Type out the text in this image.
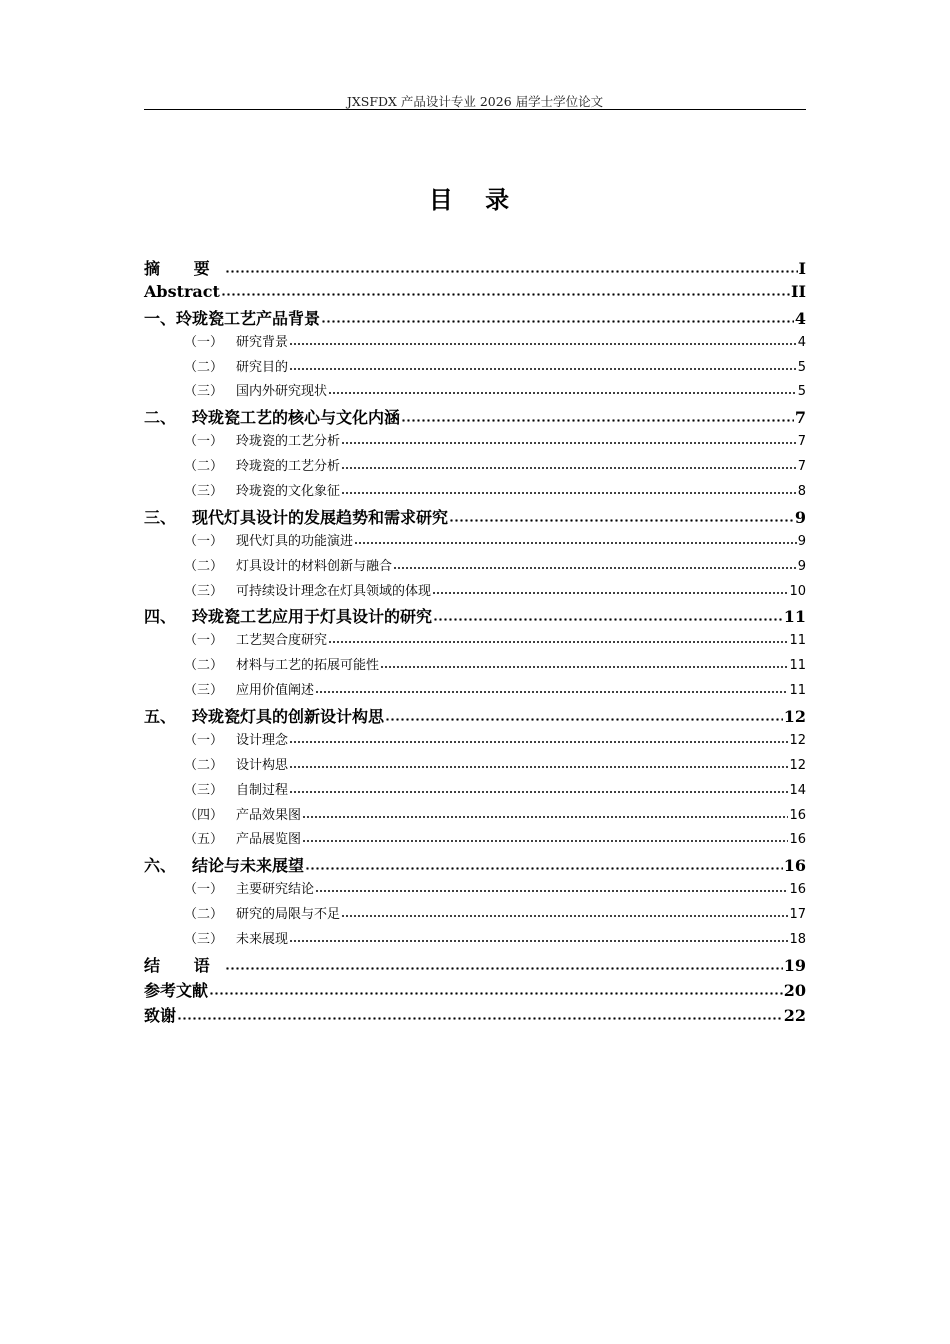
JXSFDX 产品设计专业 2026 届学士学位论文
目 录
摘 要	I
Abstract	II
一、 玲珑瓷工艺产品背景	4
（一） 研究背景	4
（二） 研究目的	5
（三） 国内外研究现状	5
二、 玲珑瓷工艺的核心与文化内涵	7
（一） 玲珑瓷的工艺分析	7
（二） 玲珑瓷的工艺分析	7
（三） 玲珑瓷的文化象征	8
三、 现代灯具设计的发展趋势和需求研究	9
（一） 现代灯具的功能演进	9
（二） 灯具设计的材料创新与融合	9
（三） 可持续设计理念在灯具领域的体现	10
四、 玲珑瓷工艺应用于灯具设计的研究	11
（一） 工艺契合度研究	11
（二） 材料与工艺的拓展可能性	11
（三） 应用价值阐述	11
五、 玲珑瓷灯具的创新设计构思	12
（一） 设计理念	12
（二） 设计构思	12
（三） 自制过程	14
（四） 产品效果图	16
（五） 产品展览图	16
六、 结论与未来展望	16
（一） 主要研究结论	16
（二） 研究的局限与不足	17
（三） 未来展现	18
结 语	19
参考文献	20
致谢	22
